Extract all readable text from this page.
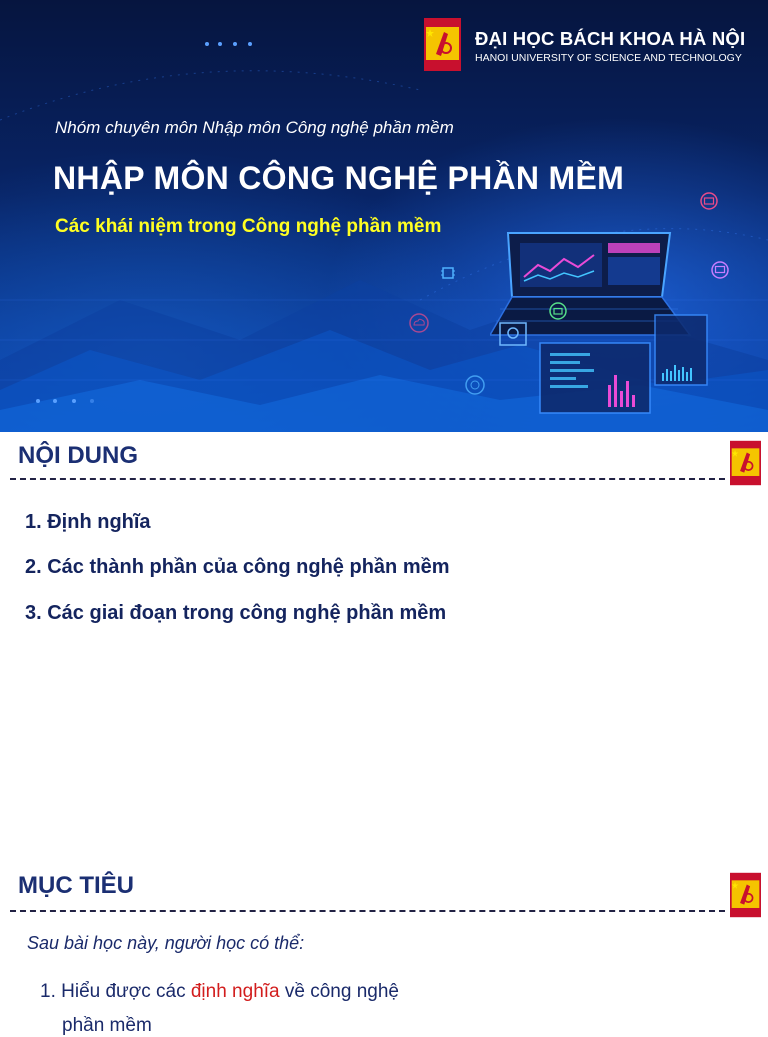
ĐẠI HỌC BÁCH KHOA HÀ NỘI
HANOI UNIVERSITY OF SCIENCE AND TECHNOLOGY
Nhóm chuyên môn Nhập môn Công nghệ phần mềm
NHẬP MÔN CÔNG NGHỆ PHẦN MỀM
Các khái niệm trong Công nghệ phần mềm
NỘI DUNG
1. Định nghĩa
2. Các thành phần của công nghệ phần mềm
3. Các giai đoạn trong công nghệ phần mềm
MỤC TIÊU
Sau bài học này, người học có thể:
1. Hiểu được các định nghĩa về công nghệ
phần mềm
